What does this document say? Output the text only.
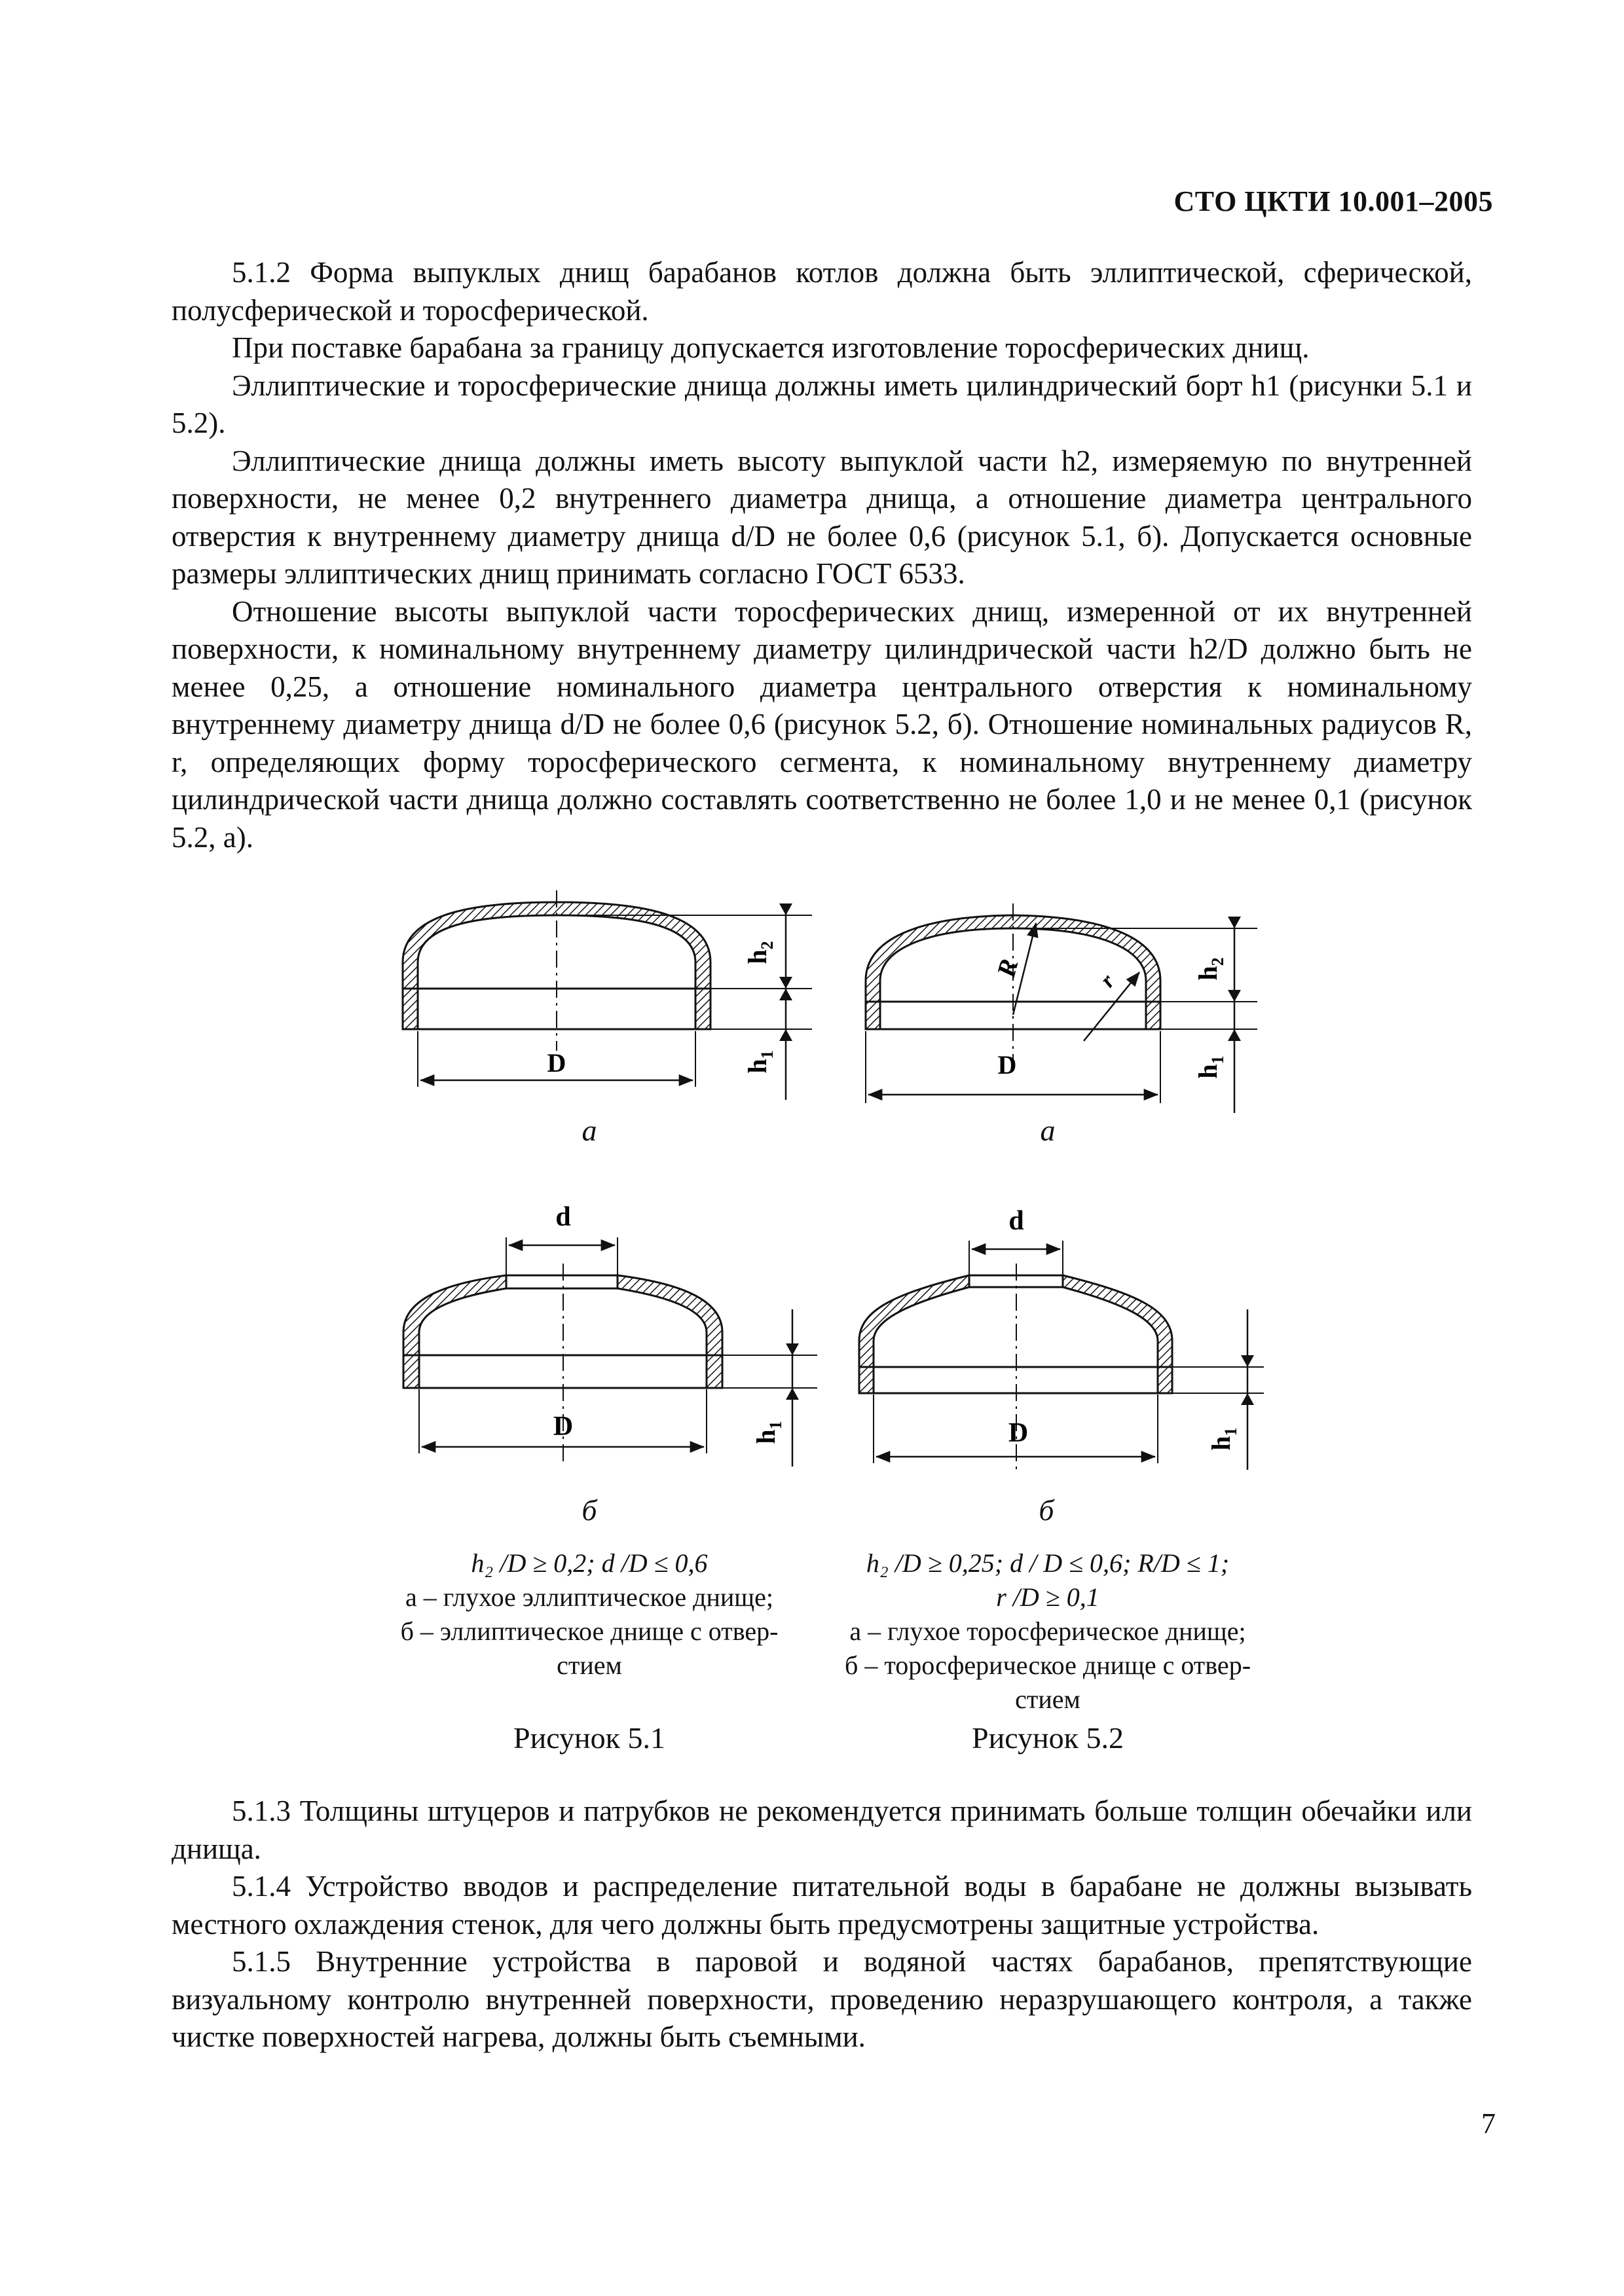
СТО ЦКТИ 10.001–2005

5.1.2 Форма выпуклых днищ барабанов котлов должна быть эллиптической, сферической, полусферической и торосферической.

При поставке барабана за границу допускается изготовление торосферических днищ.

Эллиптические и торосферические днища должны иметь цилиндрический борт h1 (рисунки 5.1 и 5.2).

Эллиптические днища должны иметь высоту выпуклой части h2, измеряемую по внутренней поверхности, не менее 0,2 внутреннего диаметра днища, а отношение диаметра центрального отверстия к внутреннему диаметру днища d/D не более 0,6 (рисунок 5.1, б). Допускается основные размеры эллиптических днищ принимать согласно ГОСТ 6533.

Отношение высоты выпуклой части торосферических днищ, измеренной от их внутренней поверхности, к номинальному внутреннему диаметру цилиндрической части h2/D должно быть не менее 0,25, а отношение номинального диаметра центрального отверстия к номинальному внутреннему диаметру днища d/D не более 0,6 (рисунок 5.2, б). Отношение номинальных радиусов R, r, определяющих форму торосферического сегмента, к номинальному внутреннему диаметру цилиндрической части днища должно составлять соответственно не более 1,0 и не менее 0,1 (рисунок 5.2, а).

D
$h_2$
$h_1$
а
R
r
D
$h_2$
$h_1$
а
d
D	$h_1$
б
d
D	$h_1$
б
h₂ /D ≥ 0,2; d /D ≤ 0,6
а – глухое эллиптическое днище;
б – эллиптическое днище с отвер-
стием
h₂ /D ≥ 0,25; d / D ≤ 0,6; R/D ≤ 1;
r /D ≥ 0,1
а – глухое торосферическое днище;
б – торосферическое днище с отвер-
стием
Рисунок 5.1	Рисунок 5.2

5.1.3 Толщины штуцеров и патрубков не рекомендуется принимать больше толщин обечайки или днища.

5.1.4 Устройство вводов и распределение питательной воды в барабане не должны вызывать местного охлаждения стенок, для чего должны быть предусмотрены защитные устройства.

5.1.5 Внутренние устройства в паровой и водяной частях барабанов, препятствующие визуальному контролю внутренней поверхности, проведению неразрушающего контроля, а также чистке поверхностей нагрева, должны быть съемными.

7
